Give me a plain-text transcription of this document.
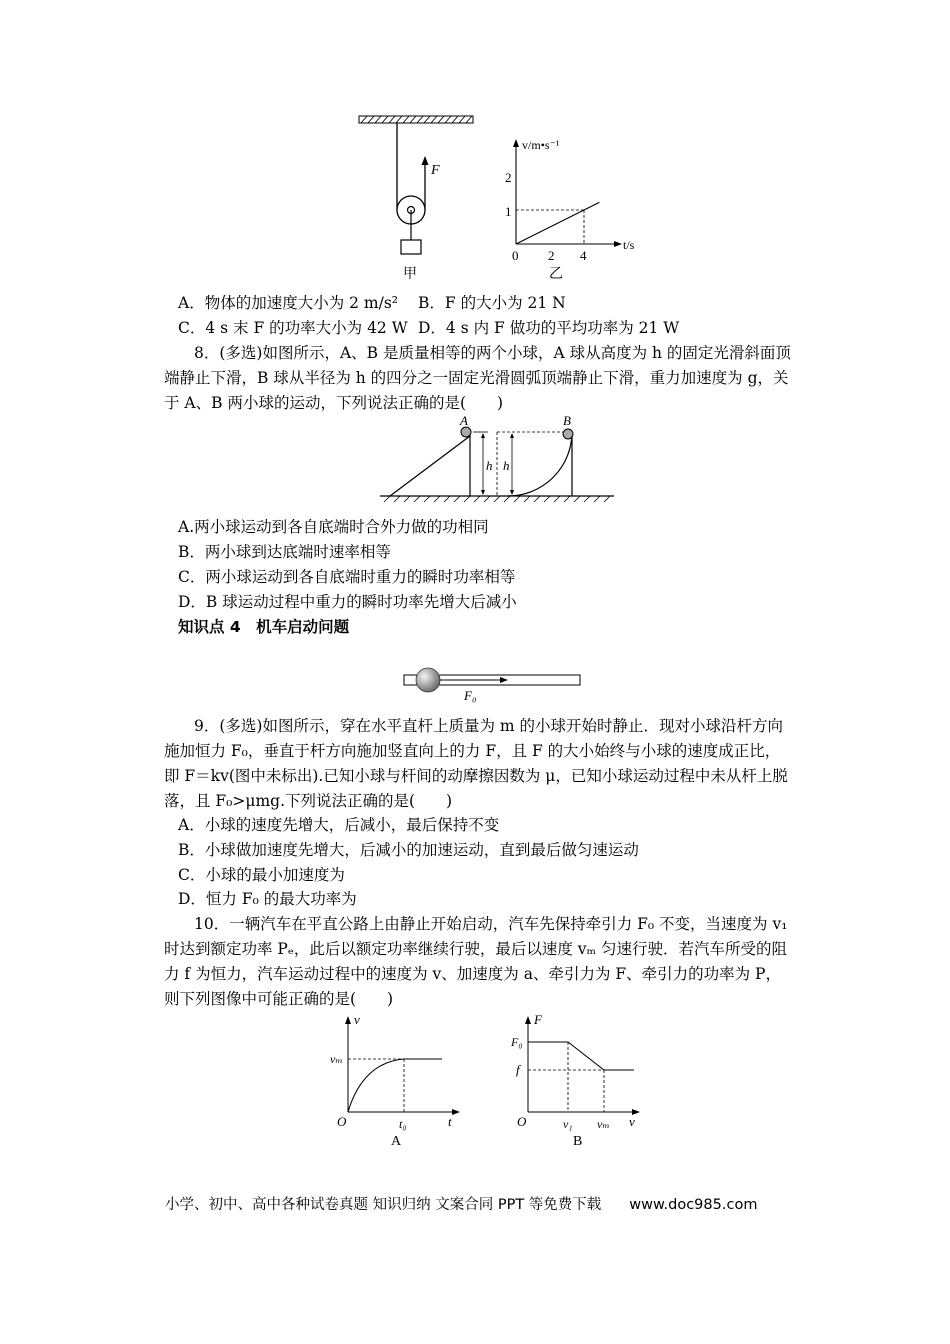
F
甲
v/m•s⁻¹
t/s
1
2
0 2 4
乙
A．物体的加速度大小为 2 m/s² B．F 的大小为 21 N
C．4 s 末 F 的功率大小为 42 W D．4 s 内 F 做功的平均功率为 21 W
8．(多选)如图所示，A、B 是质量相等的两个小球，A 球从高度为 h 的固定光滑斜面顶
端静止下滑，B 球从半径为 h 的四分之一固定光滑圆弧顶端静止下滑，重力加速度为 g，关
于 A、B 两小球的运动，下列说法正确的是(　　)
A	B
h h
A.两小球运动到各自底端时合外力做的功相同
B．两小球到达底端时速率相等
C．两小球运动到各自底端时重力的瞬时功率相等
D．B 球运动过程中重力的瞬时功率先增大后减小
知识点 4　机车启动问题
F₀
9．(多选)如图所示，穿在水平直杆上质量为 m 的小球开始时静止．现对小球沿杆方向
施加恒力 F₀，垂直于杆方向施加竖直向上的力 F，且 F 的大小始终与小球的速度成正比，
即 F＝kv(图中未标出).已知小球与杆间的动摩擦因数为 μ，已知小球运动过程中未从杆上脱
落，且 F₀>μmg.下列说法正确的是(　　)
A．小球的速度先增大，后减小，最后保持不变
B．小球做加速度先增大，后减小的加速运动，直到最后做匀速运动
C．小球的最小加速度为
D．恒力 F₀ 的最大功率为
10．一辆汽车在平直公路上由静止开始启动，汽车先保持牵引力 F₀ 不变，当速度为 v₁
时达到额定功率 Pₑ，此后以额定功率继续行驶，最后以速度 vₘ 匀速行驶．若汽车所受的阻
力 f 为恒力，汽车运动过程中的速度为 v、加速度为 a、牵引力为 F、牵引力的功率为 P，
则下列图像中可能正确的是(　　)
v
vₘ
O	t₀	t
A
F
F₀
f
O	v₁ vₘ v
B
小学、初中、高中各种试卷真题 知识归纳 文案合同 PPT 等免费下载 www.doc985.com
